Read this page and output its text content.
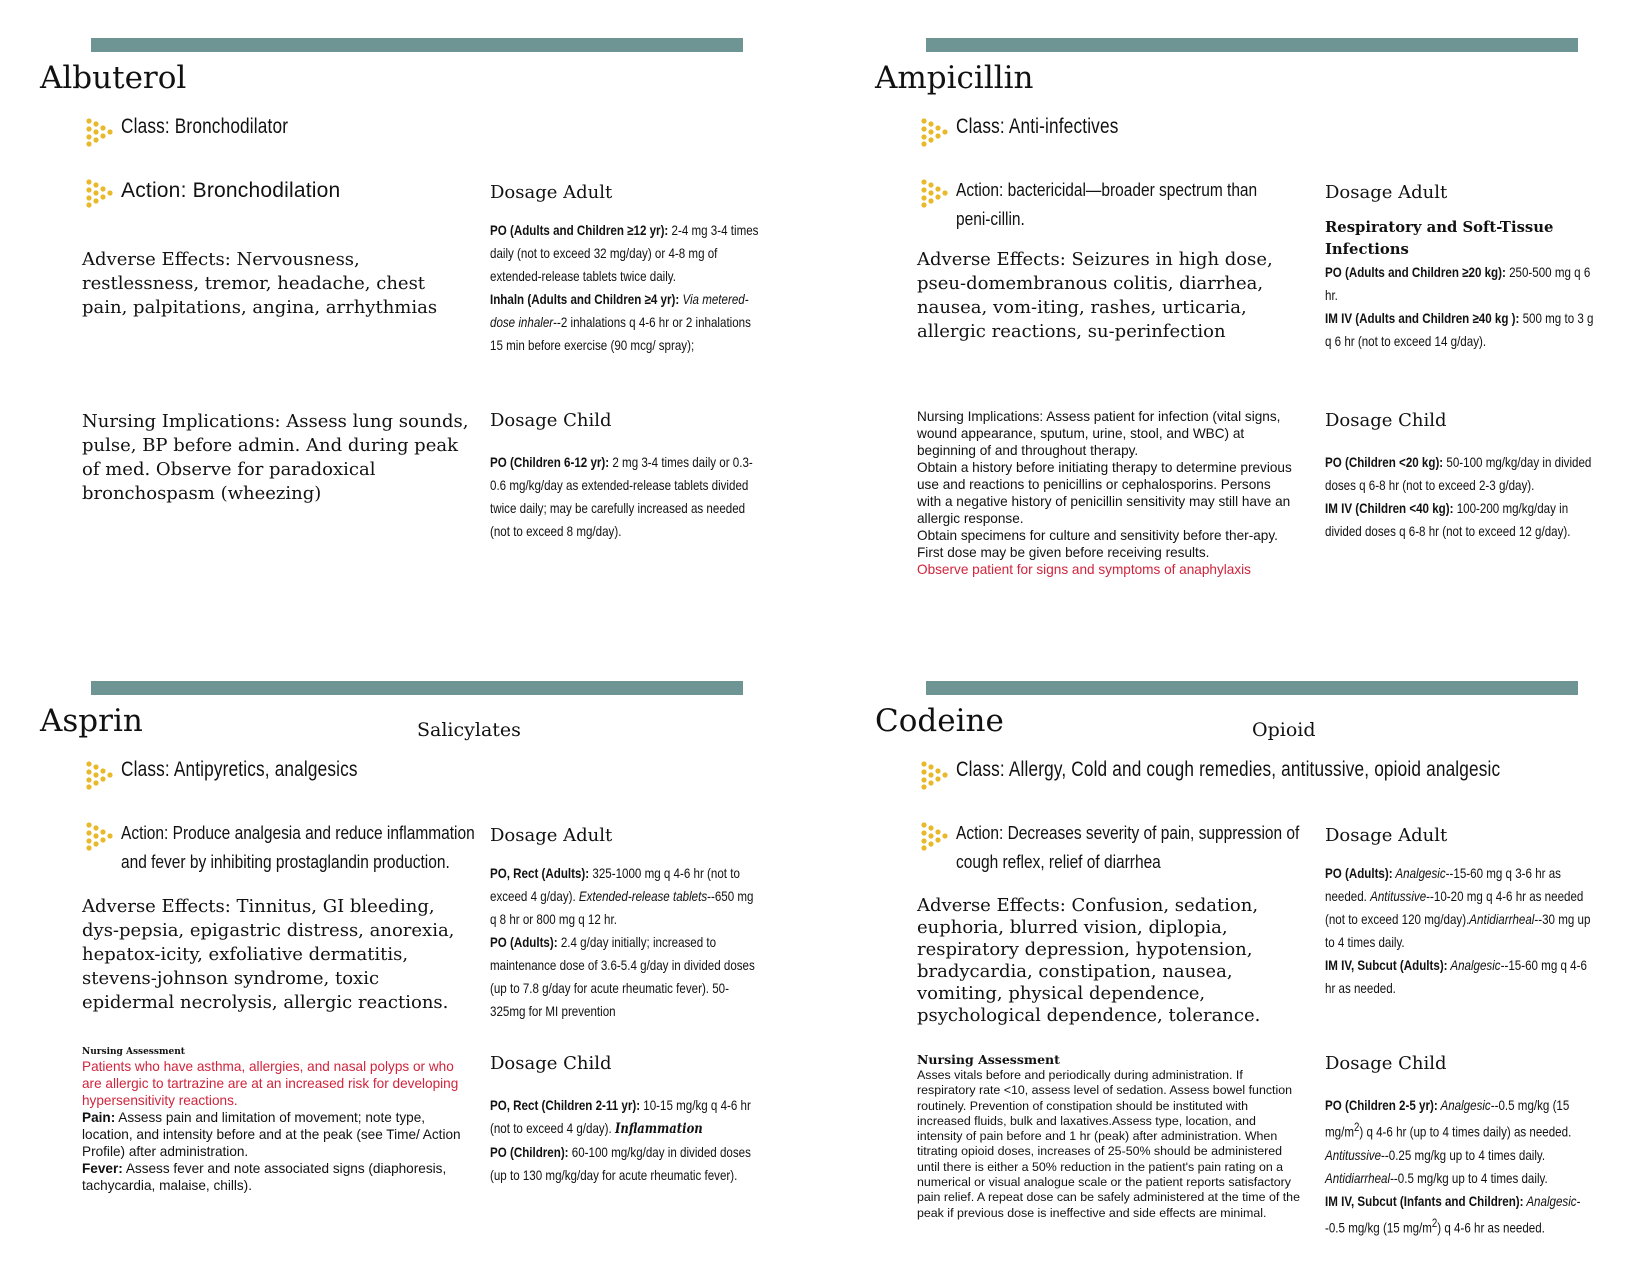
Albuterol
Class: Bronchodilator
Action: Bronchodilation
Adverse Effects: Nervousness, restlessness, tremor, headache, chest pain, palpitations, angina, arrhythmias
Nursing Implications: Assess lung sounds, pulse, BP before admin. And during peak of med. Observe for paradoxical bronchospasm (wheezing)
Dosage Adult
PO (Adults and Children ≥12 yr): 2-4 mg 3-4 times daily (not to exceed 32 mg/day) or 4-8 mg of extended-release tablets twice daily.
Inhaln (Adults and Children ≥4 yr): Via metered-dose inhaler--2 inhalations q 4-6 hr or 2 inhalations 15 min before exercise (90 mcg/ spray);
Dosage Child
PO (Children 6-12 yr): 2 mg 3-4 times daily or 0.3-0.6 mg/kg/day as extended-release tablets divided twice daily; may be carefully increased as needed (not to exceed 8 mg/day).
Ampicillin
Class: Anti-infectives
Action: bactericidal—broader spectrum than peni-cillin.
Adverse Effects: Seizures in high dose, pseu-domembranous colitis, diarrhea, nausea, vom-iting, rashes, urticaria, allergic reactions, su-perinfection
Nursing Implications: Assess patient for infection (vital signs, wound appearance, sputum, urine, stool, and WBC) at beginning of and throughout therapy.
Obtain a history before initiating therapy to determine previous use and reactions to penicillins or cephalosporins. Persons with a negative history of penicillin sensitivity may still have an allergic response.
Obtain specimens for culture and sensitivity before ther-apy. First dose may be given before receiving results.
Observe patient for signs and symptoms of anaphylaxis
Dosage Adult
Respiratory and Soft-Tissue Infections
PO (Adults and Children ≥20 kg): 250-500 mg q 6 hr.
IM IV (Adults and Children ≥40 kg ): 500 mg to 3 g q 6 hr (not to exceed 14 g/day).
Dosage Child
PO (Children <20 kg): 50-100 mg/kg/day in divided doses q 6-8 hr (not to exceed 2-3 g/day).
IM IV (Children <40 kg): 100-200 mg/kg/day in divided doses q 6-8 hr (not to exceed 12 g/day).
Asprin	Salicylates
Class: Antipyretics, analgesics
Action: Produce analgesia and reduce inflammation and fever by inhibiting prostaglandin production.
Adverse Effects: Tinnitus, GI bleeding, dys-pepsia, epigastric distress, anorexia, hepatox-icity, exfoliative dermatitis, stevens-johnson syndrome, toxic epidermal necrolysis, allergic reactions.
Nursing Assessment
Patients who have asthma, allergies, and nasal polyps or who are allergic to tartrazine are at an increased risk for developing hypersensitivity reactions.
Pain: Assess pain and limitation of movement; note type, location, and intensity before and at the peak (see Time/ Action Profile) after administration.
Fever: Assess fever and note associated signs (diaphoresis, tachycardia, malaise, chills).
Dosage Adult
PO, Rect (Adults): 325-1000 mg q 4-6 hr (not to exceed 4 g/day). Extended-release tablets--650 mg q 8 hr or 800 mg q 12 hr.
PO (Adults): 2.4 g/day initially; increased to maintenance dose of 3.6-5.4 g/day in divided doses (up to 7.8 g/day for acute rheumatic fever). 50-325mg for MI prevention
Dosage Child
PO, Rect (Children 2-11 yr): 10-15 mg/kg q 4-6 hr (not to exceed 4 g/day). Inflammation
PO (Children): 60-100 mg/kg/day in divided doses (up to 130 mg/kg/day for acute rheumatic fever).
Codeine	Opioid
Class: Allergy, Cold and cough remedies, antitussive, opioid analgesic
Action: Decreases severity of pain, suppression of cough reflex, relief of diarrhea
Adverse Effects: Confusion, sedation, euphoria, blurred vision, diplopia, respiratory depression, hypotension, bradycardia, constipation, nausea, vomiting, physical dependence, psychological dependence, tolerance.
Nursing Assessment
Asses vitals before and periodically during administration. If respiratory rate <10, assess level of sedation. Assess bowel function routinely. Prevention of constipation should be instituted with increased fluids, bulk and laxatives.Assess type, location, and intensity of pain before and 1 hr (peak) after administration. When titrating opioid doses, increases of 25-50% should be administered until there is either a 50% reduction in the patient's pain rating on a numerical or visual analogue scale or the patient reports satisfactory pain relief. A repeat dose can be safely administered at the time of the peak if previous dose is ineffective and side effects are minimal.
Dosage Adult
PO (Adults): Analgesic--15-60 mg q 3-6 hr as needed. Antitussive--10-20 mg q 4-6 hr as needed (not to exceed 120 mg/day).Antidiarrheal--30 mg up to 4 times daily.
IM IV, Subcut (Adults): Analgesic--15-60 mg q 4-6 hr as needed.
Dosage Child
PO (Children 2-5 yr): Analgesic--0.5 mg/kg (15 $mg/m^2$) q 4-6 hr (up to 4 times daily) as needed.
Antitussive--0.25 mg/kg up to 4 times daily.
Antidiarrheal--0.5 mg/kg up to 4 times daily.
IM IV, Subcut (Infants and Children): Analgesic--0.5 mg/kg (15 $mg/m^2$) q 4-6 hr as needed.
